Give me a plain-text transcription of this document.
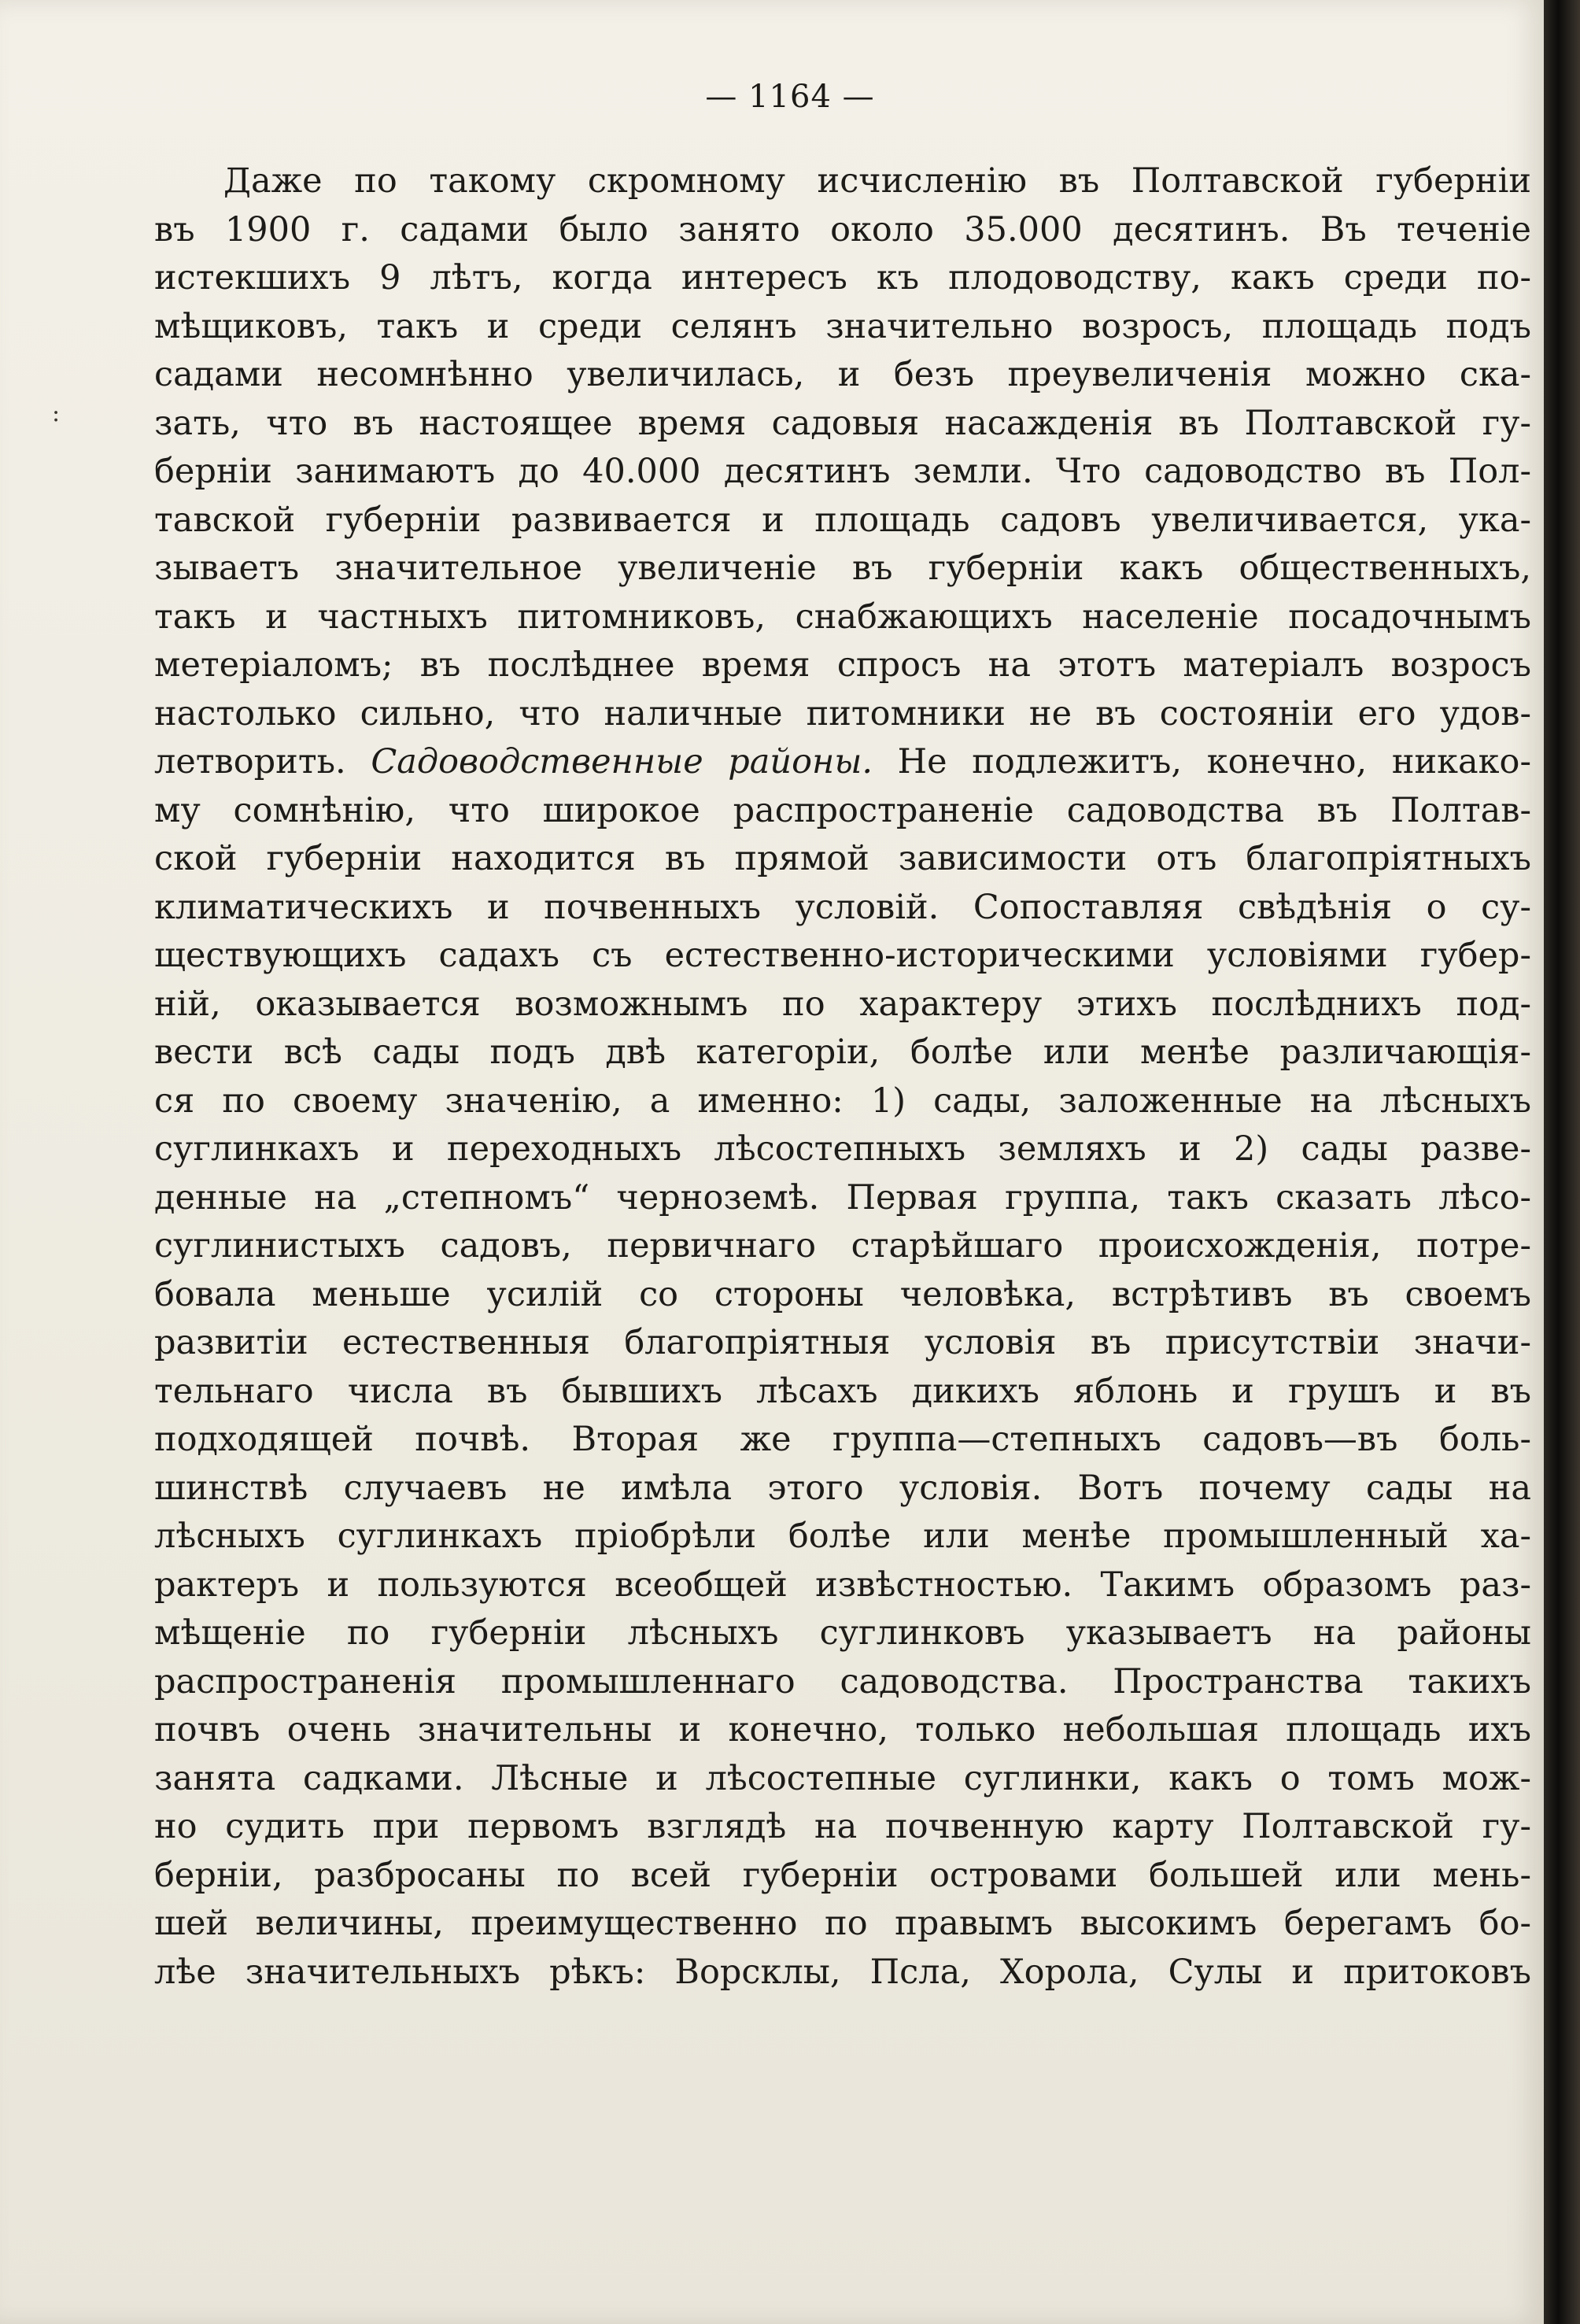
— 1164 —
:
Даже по такому скромному исчисленію въ Полтавской губерніи
въ 1900 г. садами было занято около 35.000 десятинъ. Въ теченіе
истекшихъ 9 лѣтъ, когда интересъ къ плодоводству, какъ среди по-
мѣщиковъ, такъ и среди селянъ значительно возросъ, площадь подъ
садами несомнѣнно увеличилась, и безъ преувеличенія можно ска-
зать, что въ настоящее время садовыя насажденія въ Полтавской гу-
берніи занимаютъ до 40.000 десятинъ земли. Что садоводство въ Пол-
тавской губерніи развивается и площадь садовъ увеличивается, ука-
зываетъ значительное увеличеніе въ губерніи какъ общественныхъ,
такъ и частныхъ питомниковъ, снабжающихъ населеніе посадочнымъ
метеріаломъ; въ послѣднее время спросъ на этотъ матеріалъ возросъ
настолько сильно, что наличные питомники не въ состояніи его удов-
летворить. Садоводственные районы. Не подлежитъ, конечно, никако-
му сомнѣнію, что широкое распространеніе садоводства въ Полтав-
ской губерніи находится въ прямой зависимости отъ благопріятныхъ
климатическихъ и почвенныхъ условій. Сопоставляя свѣдѣнія о су-
ществующихъ садахъ съ естественно-историческими условіями губер-
ній, оказывается возможнымъ по характеру этихъ послѣднихъ под-
вести всѣ сады подъ двѣ категоріи, болѣе или менѣе различающія-
ся по своему значенію, а именно: 1) сады, заложенные на лѣсныхъ
суглинкахъ и переходныхъ лѣсостепныхъ земляхъ и 2) сады разве-
денные на „степномъ“ черноземѣ. Первая группа, такъ сказать лѣсо-
суглинистыхъ садовъ, первичнаго старѣйшаго происхожденія, потре-
бовала меньше усилій со стороны человѣка, встрѣтивъ въ своемъ
развитіи естественныя благопріятныя условія въ присутствіи значи-
тельнаго числа въ бывшихъ лѣсахъ дикихъ яблонь и грушъ и въ
подходящей почвѣ. Вторая же группа—степныхъ садовъ—въ боль-
шинствѣ случаевъ не имѣла этого условія. Вотъ почему сады на
лѣсныхъ суглинкахъ пріобрѣли болѣе или менѣе промышленный ха-
рактеръ и пользуются всеобщей извѣстностью. Такимъ образомъ раз-
мѣщеніе по губерніи лѣсныхъ суглинковъ указываетъ на районы
распространенія промышленнаго садоводства. Пространства такихъ
почвъ очень значительны и конечно, только небольшая площадь ихъ
занята садками. Лѣсные и лѣсостепные суглинки, какъ о томъ мож-
но судить при первомъ взглядѣ на почвенную карту Полтавской гу-
берніи, разбросаны по всей губерніи островами большей или мень-
шей величины, преимущественно по правымъ высокимъ берегамъ бо-
лѣе значительныхъ рѣкъ: Ворсклы, Псла, Хорола, Сулы и притоковъ
